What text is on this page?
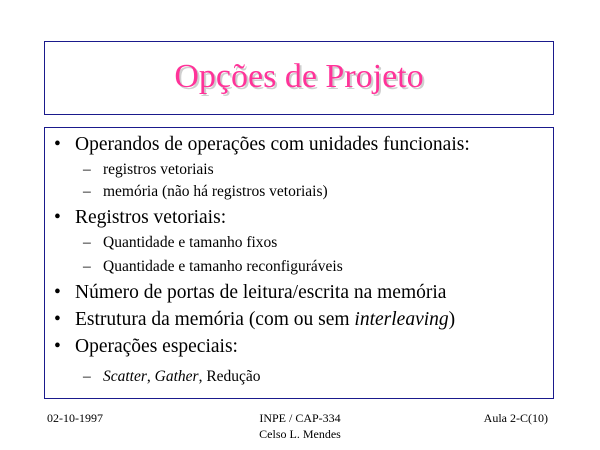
Opções de Projeto
• Operandos de operações com unidades funcionais:
– registros vetoriais
– memória (não há registros vetoriais)
• Registros vetoriais:
– Quantidade e tamanho fixos
– Quantidade e tamanho reconfiguráveis
• Número de portas de leitura/escrita na memória
• Estrutura da memória (com ou sem interleaving)
• Operações especiais:
– Scatter, Gather, Redução
02-10-1997	INPE / CAP-334
Celso L. Mendes
Aula 2-C(10)
